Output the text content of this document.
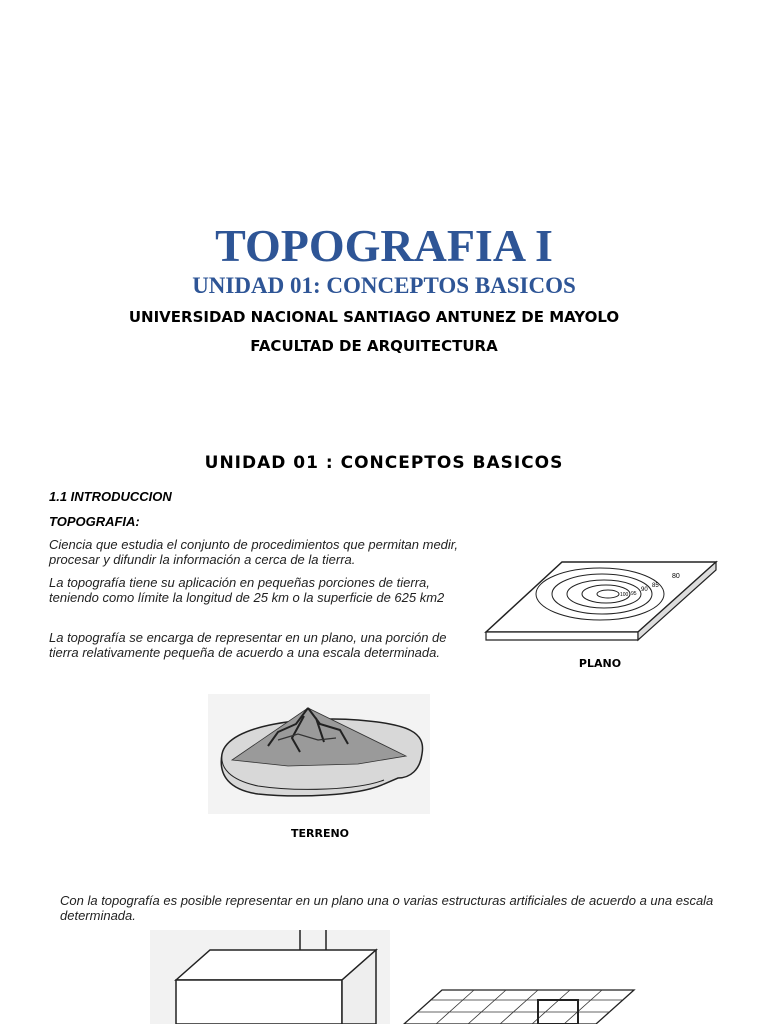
TOPOGRAFIA I
UNIDAD 01: CONCEPTOS BASICOS
UNIVERSIDAD NACIONAL SANTIAGO ANTUNEZ DE MAYOLO
FACULTAD DE ARQUITECTURA
UNIDAD 01 : CONCEPTOS BASICOS
1.1 INTRODUCCION
TOPOGRAFIA:
Ciencia que estudia el conjunto de procedimientos que permitan medir, procesar y difundir la información a cerca de la tierra.
La topografía tiene su aplicación en pequeñas porciones de tierra, teniendo como límite la longitud de 25 km o la superficie de 625 km2
La topografía se encarga de representar en un plano, una porción de tierra relativamente pequeña de acuerdo a una escala determinada.
80
85
90
95
100
PLANO
TERRENO
Con la topografía es posible representar en un plano una o varias estructuras artificiales de acuerdo a una escala determinada.
